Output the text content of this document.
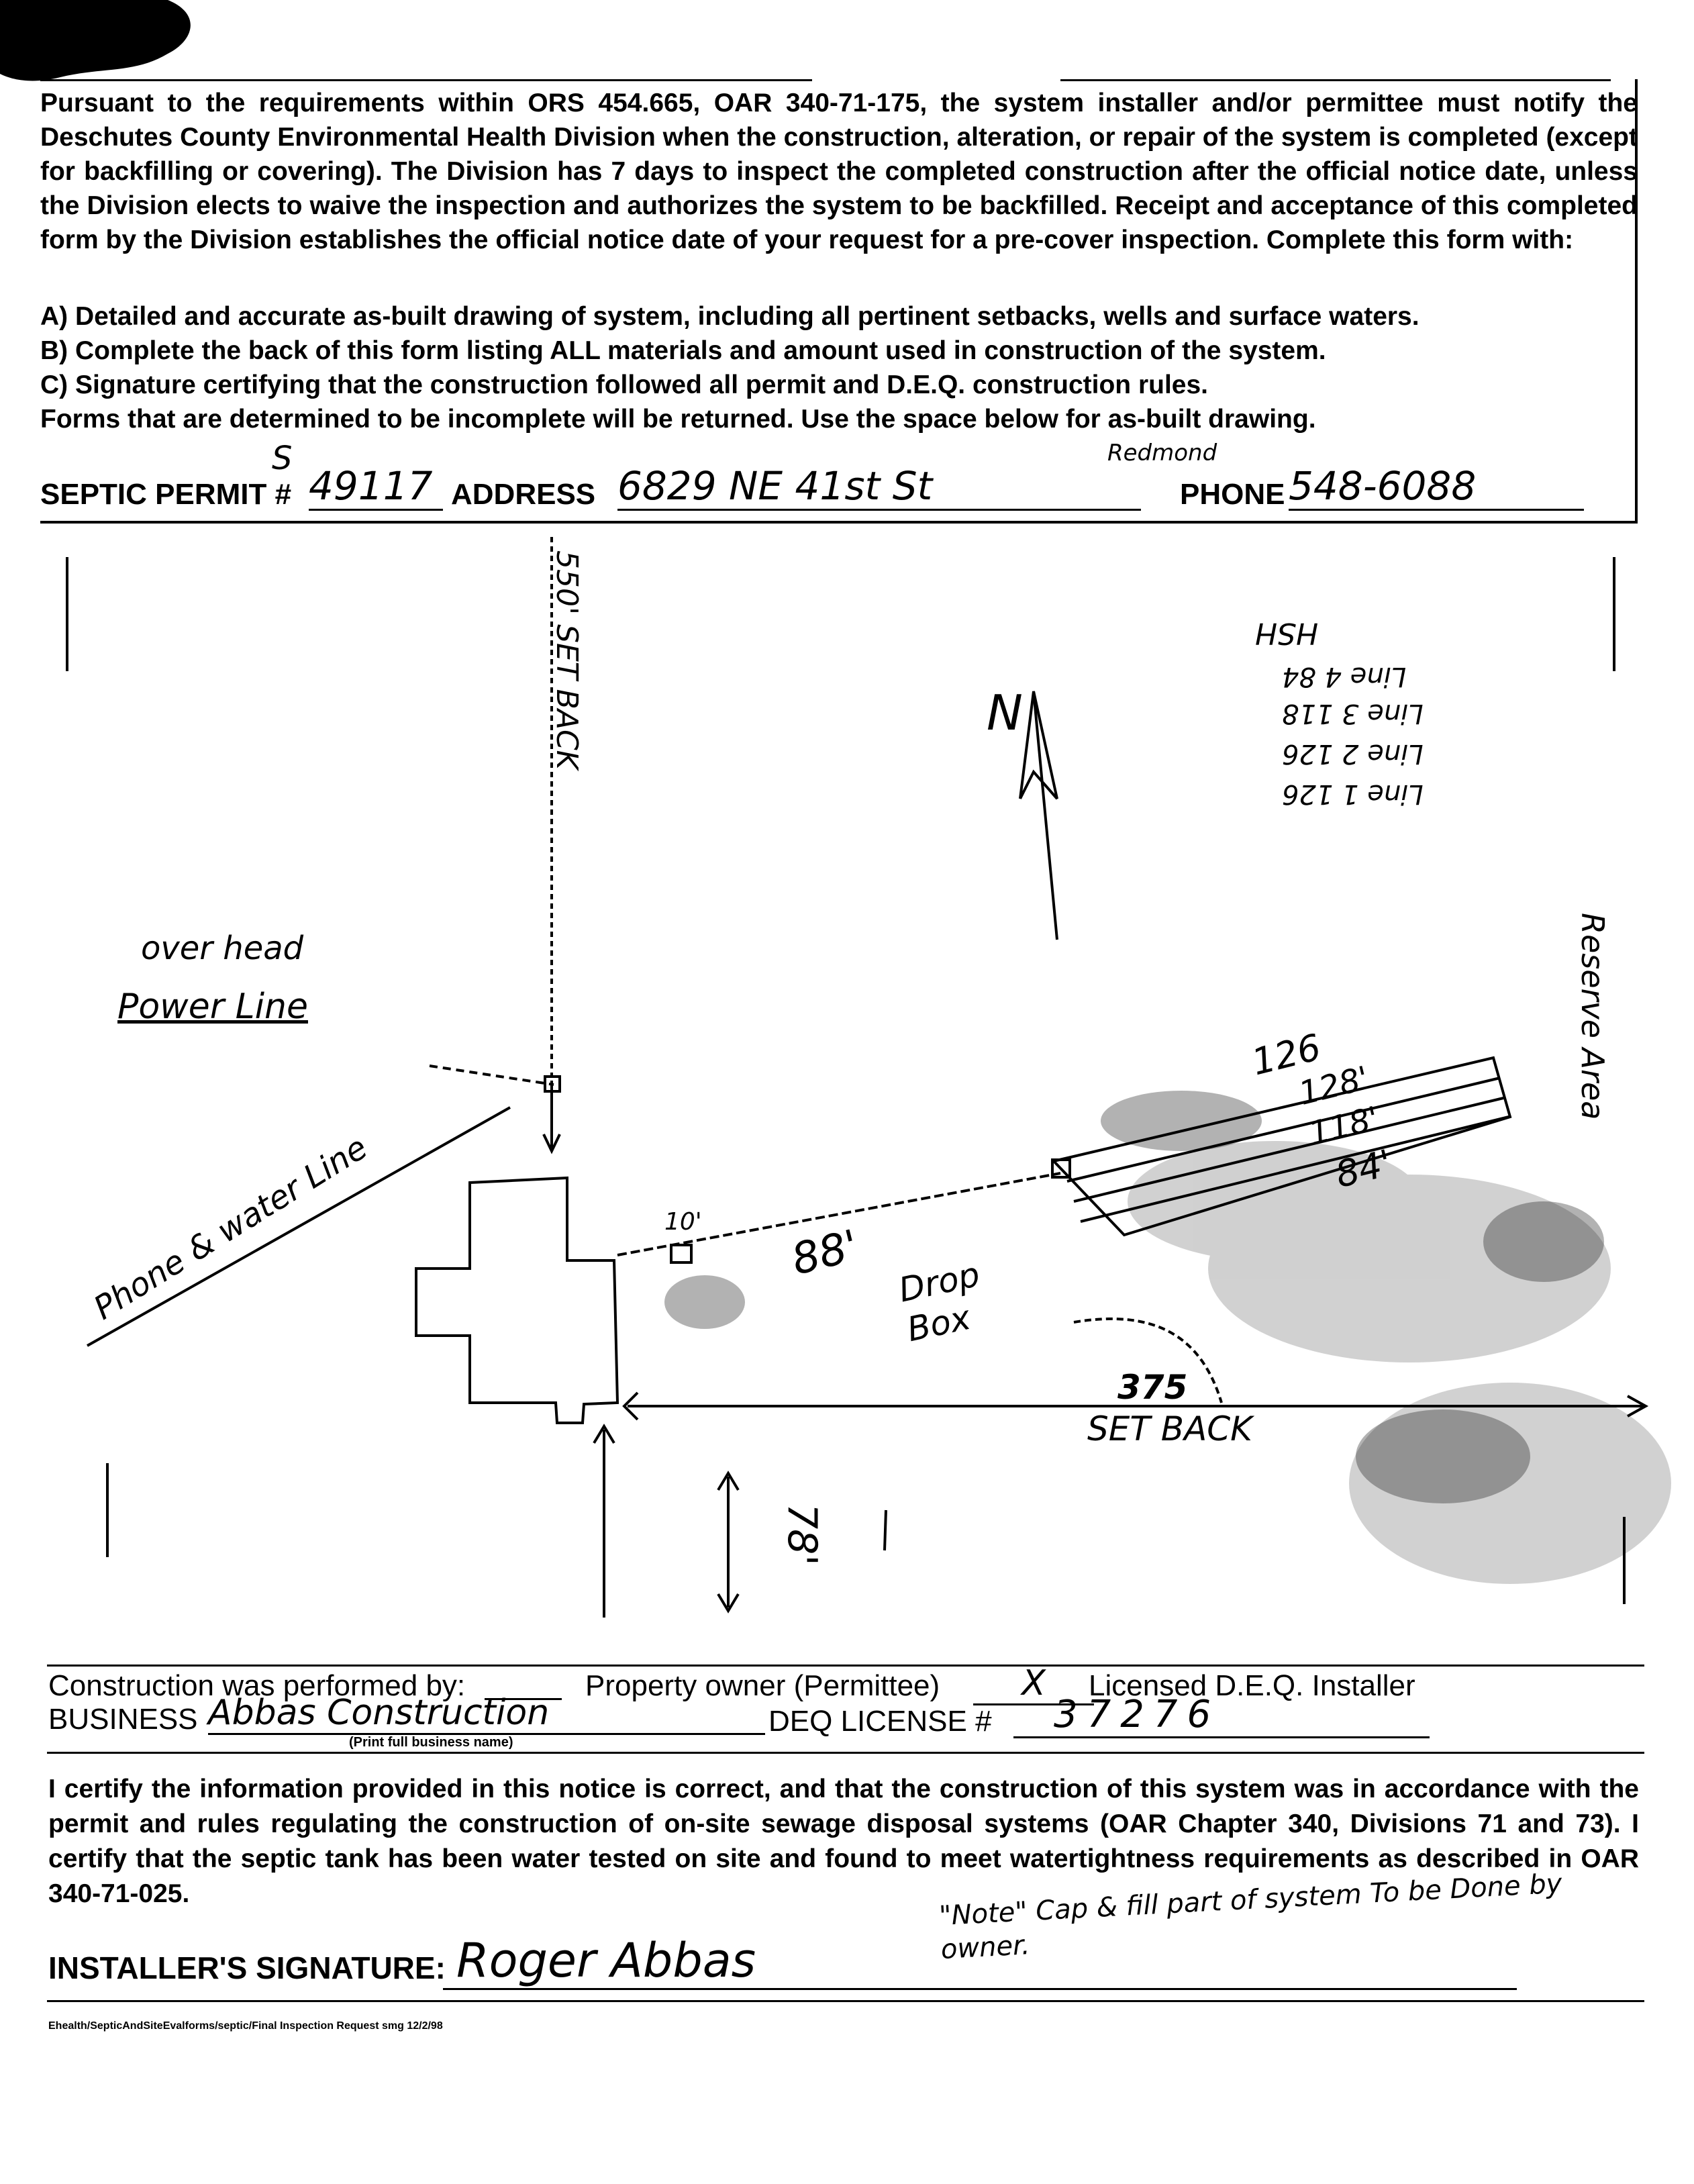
Pursuant to the requirements within ORS 454.665, OAR 340-71-175, the system installer and/or permittee must notify the Deschutes County Environmental Health Division when the construction, alteration, or repair of the system is completed (except for backfilling or covering). The Division has 7 days to inspect the completed construction after the official notice date, unless the Division elects to waive the inspection and authorizes the system to be backfilled. Receipt and acceptance of this completed form by the Division establishes the official notice date of your request for a pre-cover inspection. Complete this form with:

A) Detailed and accurate as-built drawing of system, including all pertinent setbacks, wells and surface waters.
B) Complete the back of this form listing ALL materials and amount used in construction of the system.
C) Signature certifying that the construction followed all permit and D.E.Q. construction rules.
Forms that are determined to be incomplete will be returned. Use the space below for as-built drawing.
SEPTIC PERMIT #
S
49117 ADDRESS 6829 NE 41st St
Redmond
PHONE 548-6088
550' SET BACK	N
HSH
Line 4 84
Line 3 118
Line 2 126
Line 1 126
over head
Power Line
Phone & water Line
Reserve Area
126
128'
118'
84'
10' 88' Drop Box
375
SET BACK
78'
Construction was performed by:	Property owner (Permittee)	X	Licensed D.E.Q. Installer
BUSINESS Abbas Construction
(Print full business name)
DEQ LICENSE #	37276
I certify the information provided in this notice is correct, and that the construction of this system was in accordance with the permit and rules regulating the construction of on-site sewage disposal systems (OAR Chapter 340, Divisions 71 and 73). I certify that the septic tank has been water tested on site and found to meet watertightness requirements as described in OAR 340-71-025.	"Note" Cap & fill part of system To be Done by owner.
INSTALLER'S SIGNATURE: Roger Abbas
Ehealth/SepticAndSiteEvalforms/septic/Final Inspection Request smg 12/2/98
